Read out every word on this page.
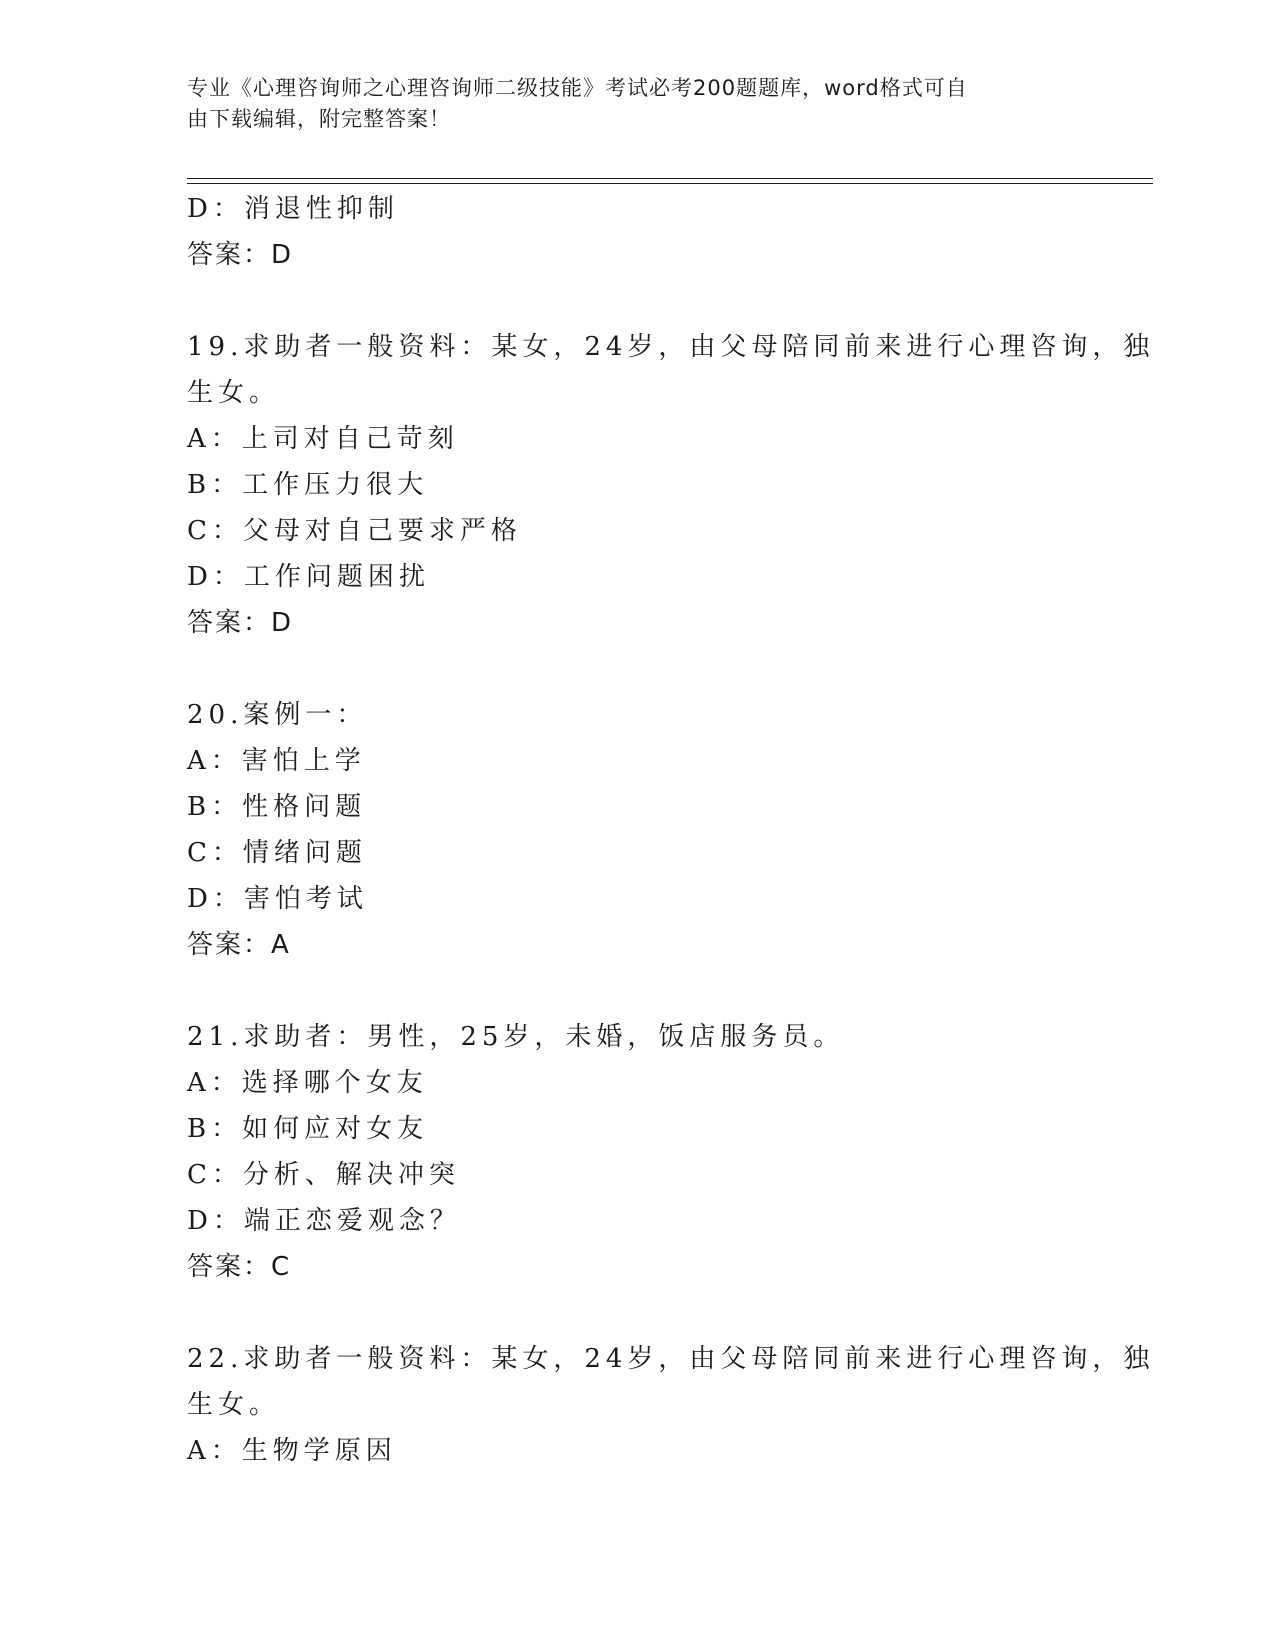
专业《心理咨询师之心理咨询师二级技能》考试必考200题题库，word格式可自
由下载编辑，附完整答案！
D：消退性抑制
答案：D
19.求助者一般资料：某女，24岁，由父母陪同前来进行心理咨询，独
生女。
A：上司对自己苛刻
B：工作压力很大
C：父母对自己要求严格
D：工作问题困扰
答案：D
20.案例一：
A：害怕上学
B：性格问题
C：情绪问题
D：害怕考试
答案：A
21.求助者：男性，25岁，未婚，饭店服务员。
A：选择哪个女友
B：如何应对女友
C：分析、解决冲突
D：端正恋爱观念？
答案：C
22.求助者一般资料：某女，24岁，由父母陪同前来进行心理咨询，独
生女。
A：生物学原因
